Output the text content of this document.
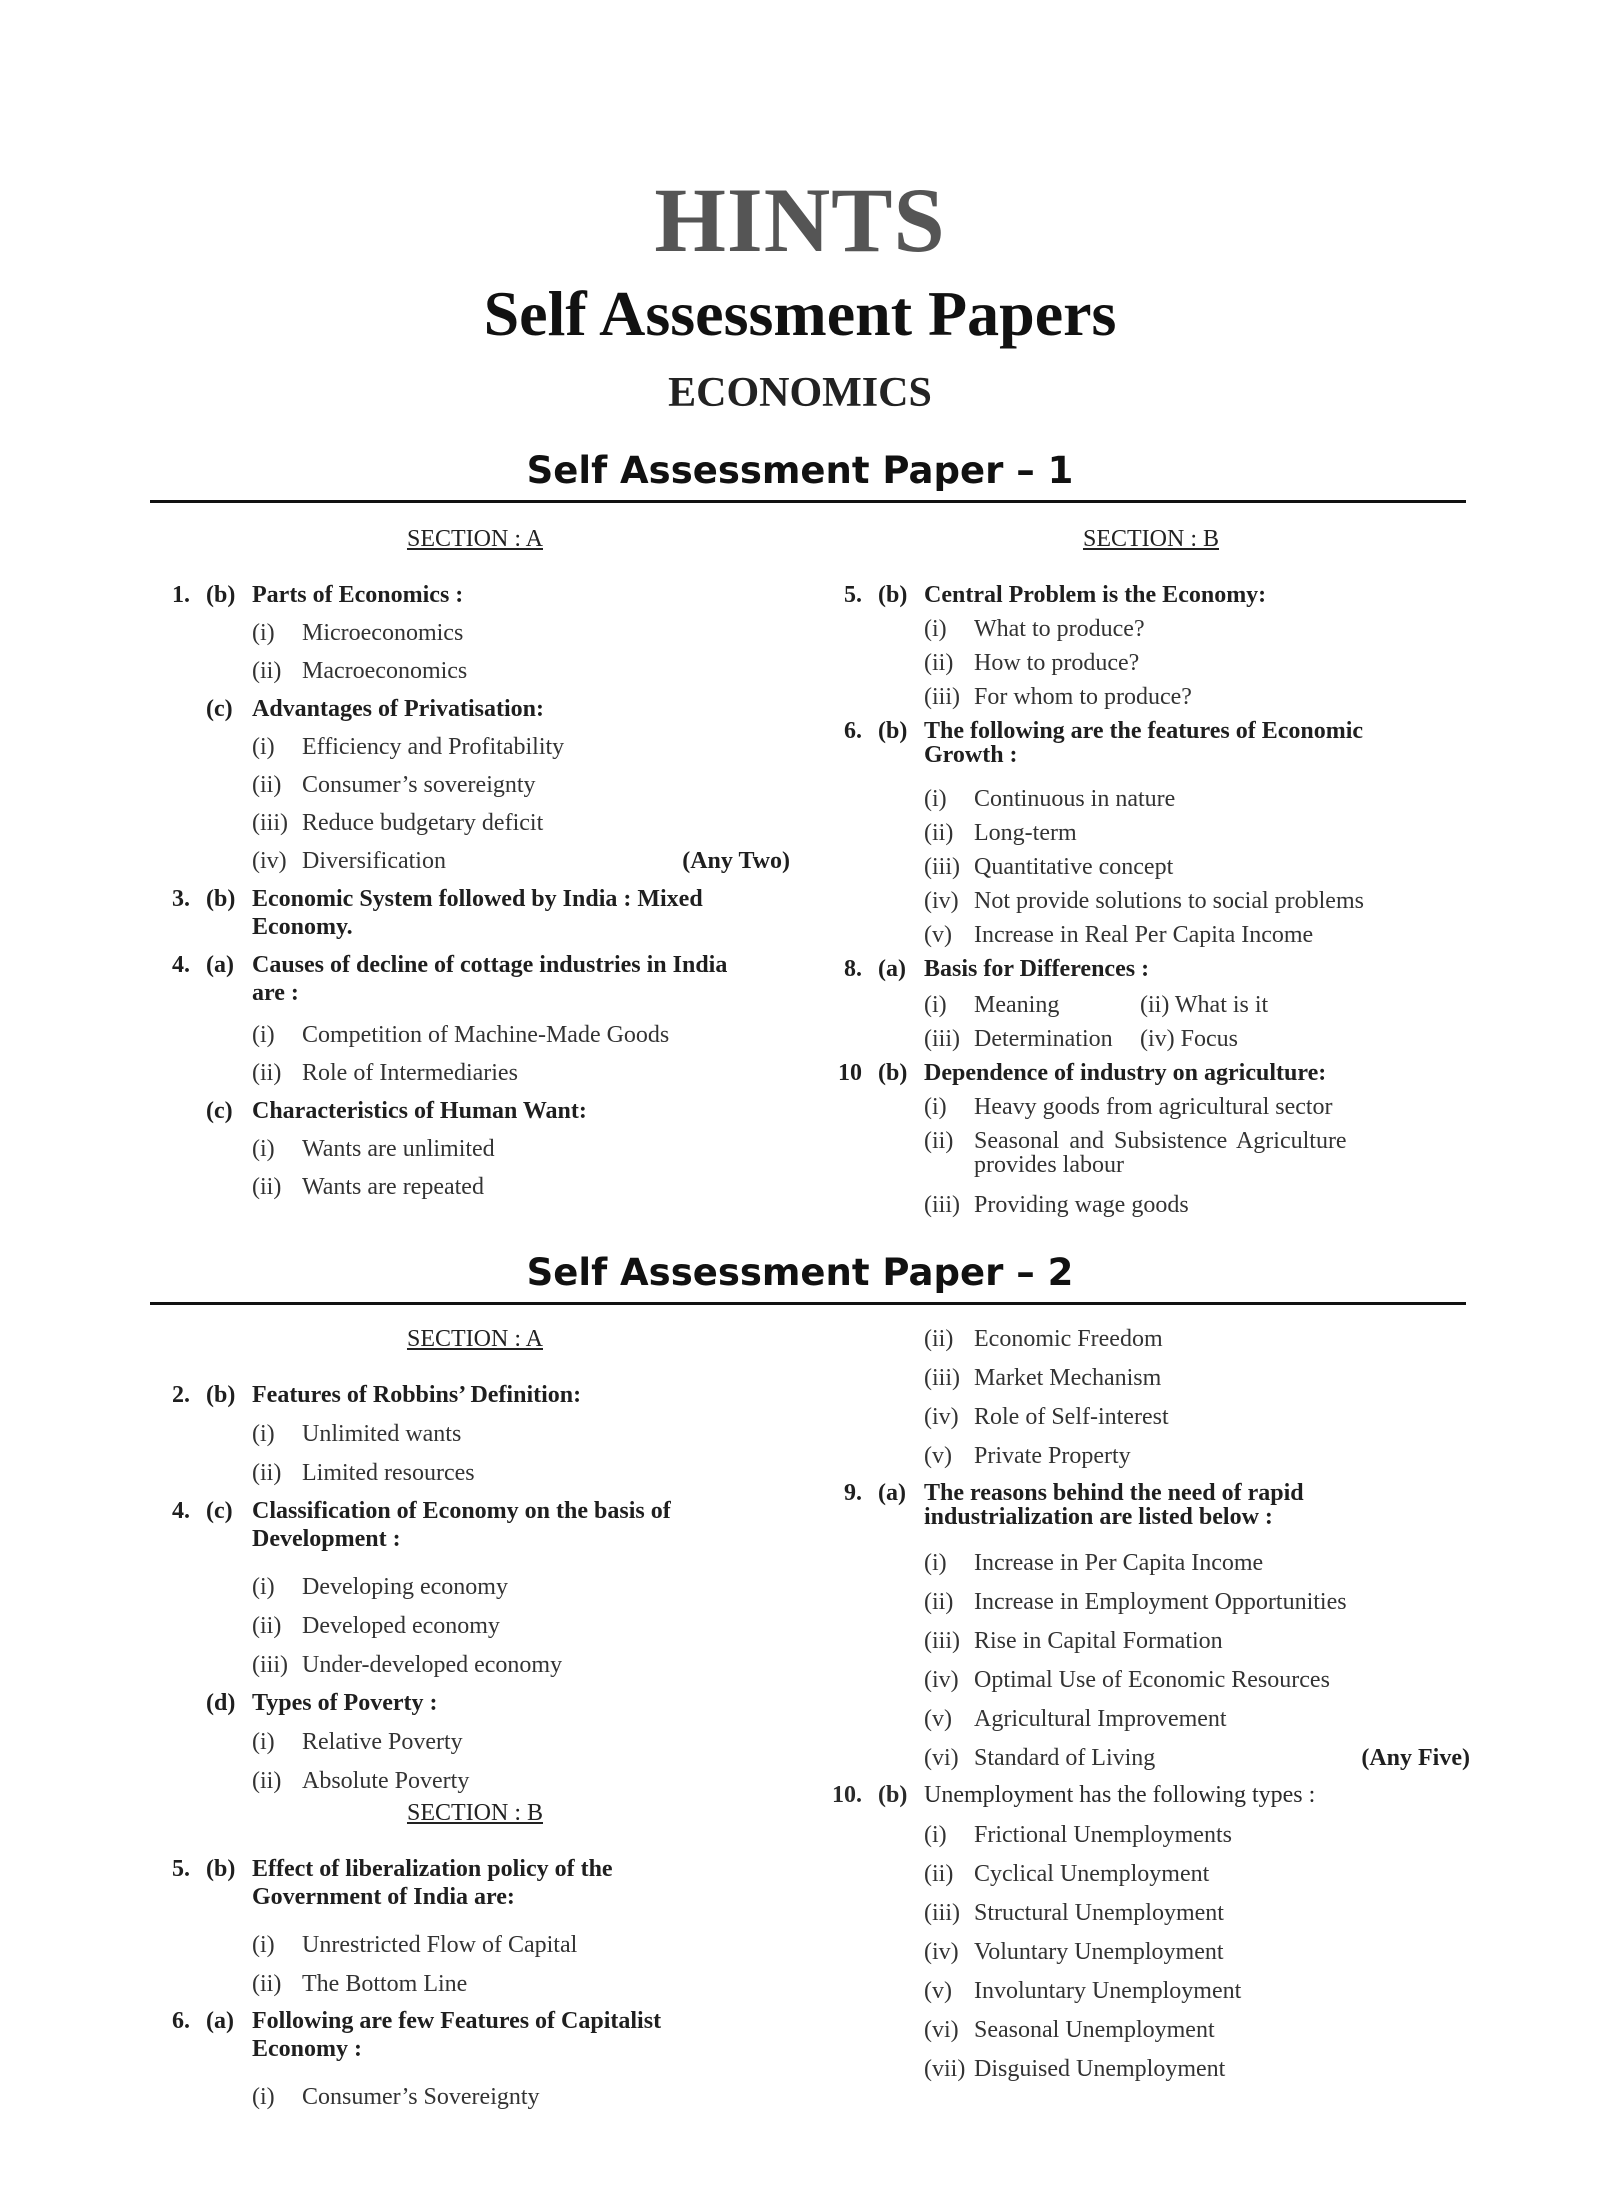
HINTS
Self Assessment Papers
ECONOMICS
Self Assessment Paper – 1
SECTION : A
1. (b) Parts of Economics :
(i) Microeconomics
(ii) Macroeconomics
(c) Advantages of Privatisation:
(i) Efficiency and Profitability
(ii) Consumer’s sovereignty
(iii) Reduce budgetary deficit
(iv) Diversification	(Any Two)
3. (b) Economic System followed by India : Mixed
Economy.
4. (a) Causes of decline of cottage industries in India
are :
(i) Competition of Machine-Made Goods
(ii) Role of Intermediaries
(c) Characteristics of Human Want:
(i) Wants are unlimited
(ii) Wants are repeated
SECTION : B
5. (b) Central Problem is the Economy:
(i) What to produce?
(ii) How to produce?
(iii) For whom to produce?
6. (b) The following are the features of Economic
Growth :
(i) Continuous in nature
(ii) Long-term
(iii) Quantitative concept
(iv) Not provide solutions to social problems
(v) Increase in Real Per Capita Income
8. (a) Basis for Differences :
(i) Meaning	(ii) What is it
(iii) Determination (iv) Focus
10 (b) Dependence of industry on agriculture:
(i) Heavy goods from agricultural sector
(ii) Seasonal and Subsistence Agriculture
provides labour
(iii) Providing wage goods
Self Assessment Paper – 2
SECTION : A
2. (b) Features of Robbins’ Definition:
(i) Unlimited wants
(ii) Limited resources
4. (c) Classification of Economy on the basis of
Development :
(i) Developing economy
(ii) Developed economy
(iii) Under-developed economy
(d) Types of Poverty :
(i) Relative Poverty
(ii) Absolute Poverty
SECTION : B
5. (b) Effect of liberalization policy of the
Government of India are:
(i) Unrestricted Flow of Capital
(ii) The Bottom Line
6. (a) Following are few Features of Capitalist
Economy :
(i) Consumer’s Sovereignty
(ii) Economic Freedom
(iii) Market Mechanism
(iv) Role of Self-interest
(v) Private Property
9. (a) The reasons behind the need of rapid
industrialization are listed below :
(i) Increase in Per Capita Income
(ii) Increase in Employment Opportunities
(iii) Rise in Capital Formation
(iv) Optimal Use of Economic Resources
(v) Agricultural Improvement
(vi) Standard of Living	(Any Five)
10. (b) Unemployment has the following types :
(i) Frictional Unemployments
(ii) Cyclical Unemployment
(iii) Structural Unemployment
(iv) Voluntary Unemployment
(v) Involuntary Unemployment
(vi) Seasonal Unemployment
(vii) Disguised Unemployment
